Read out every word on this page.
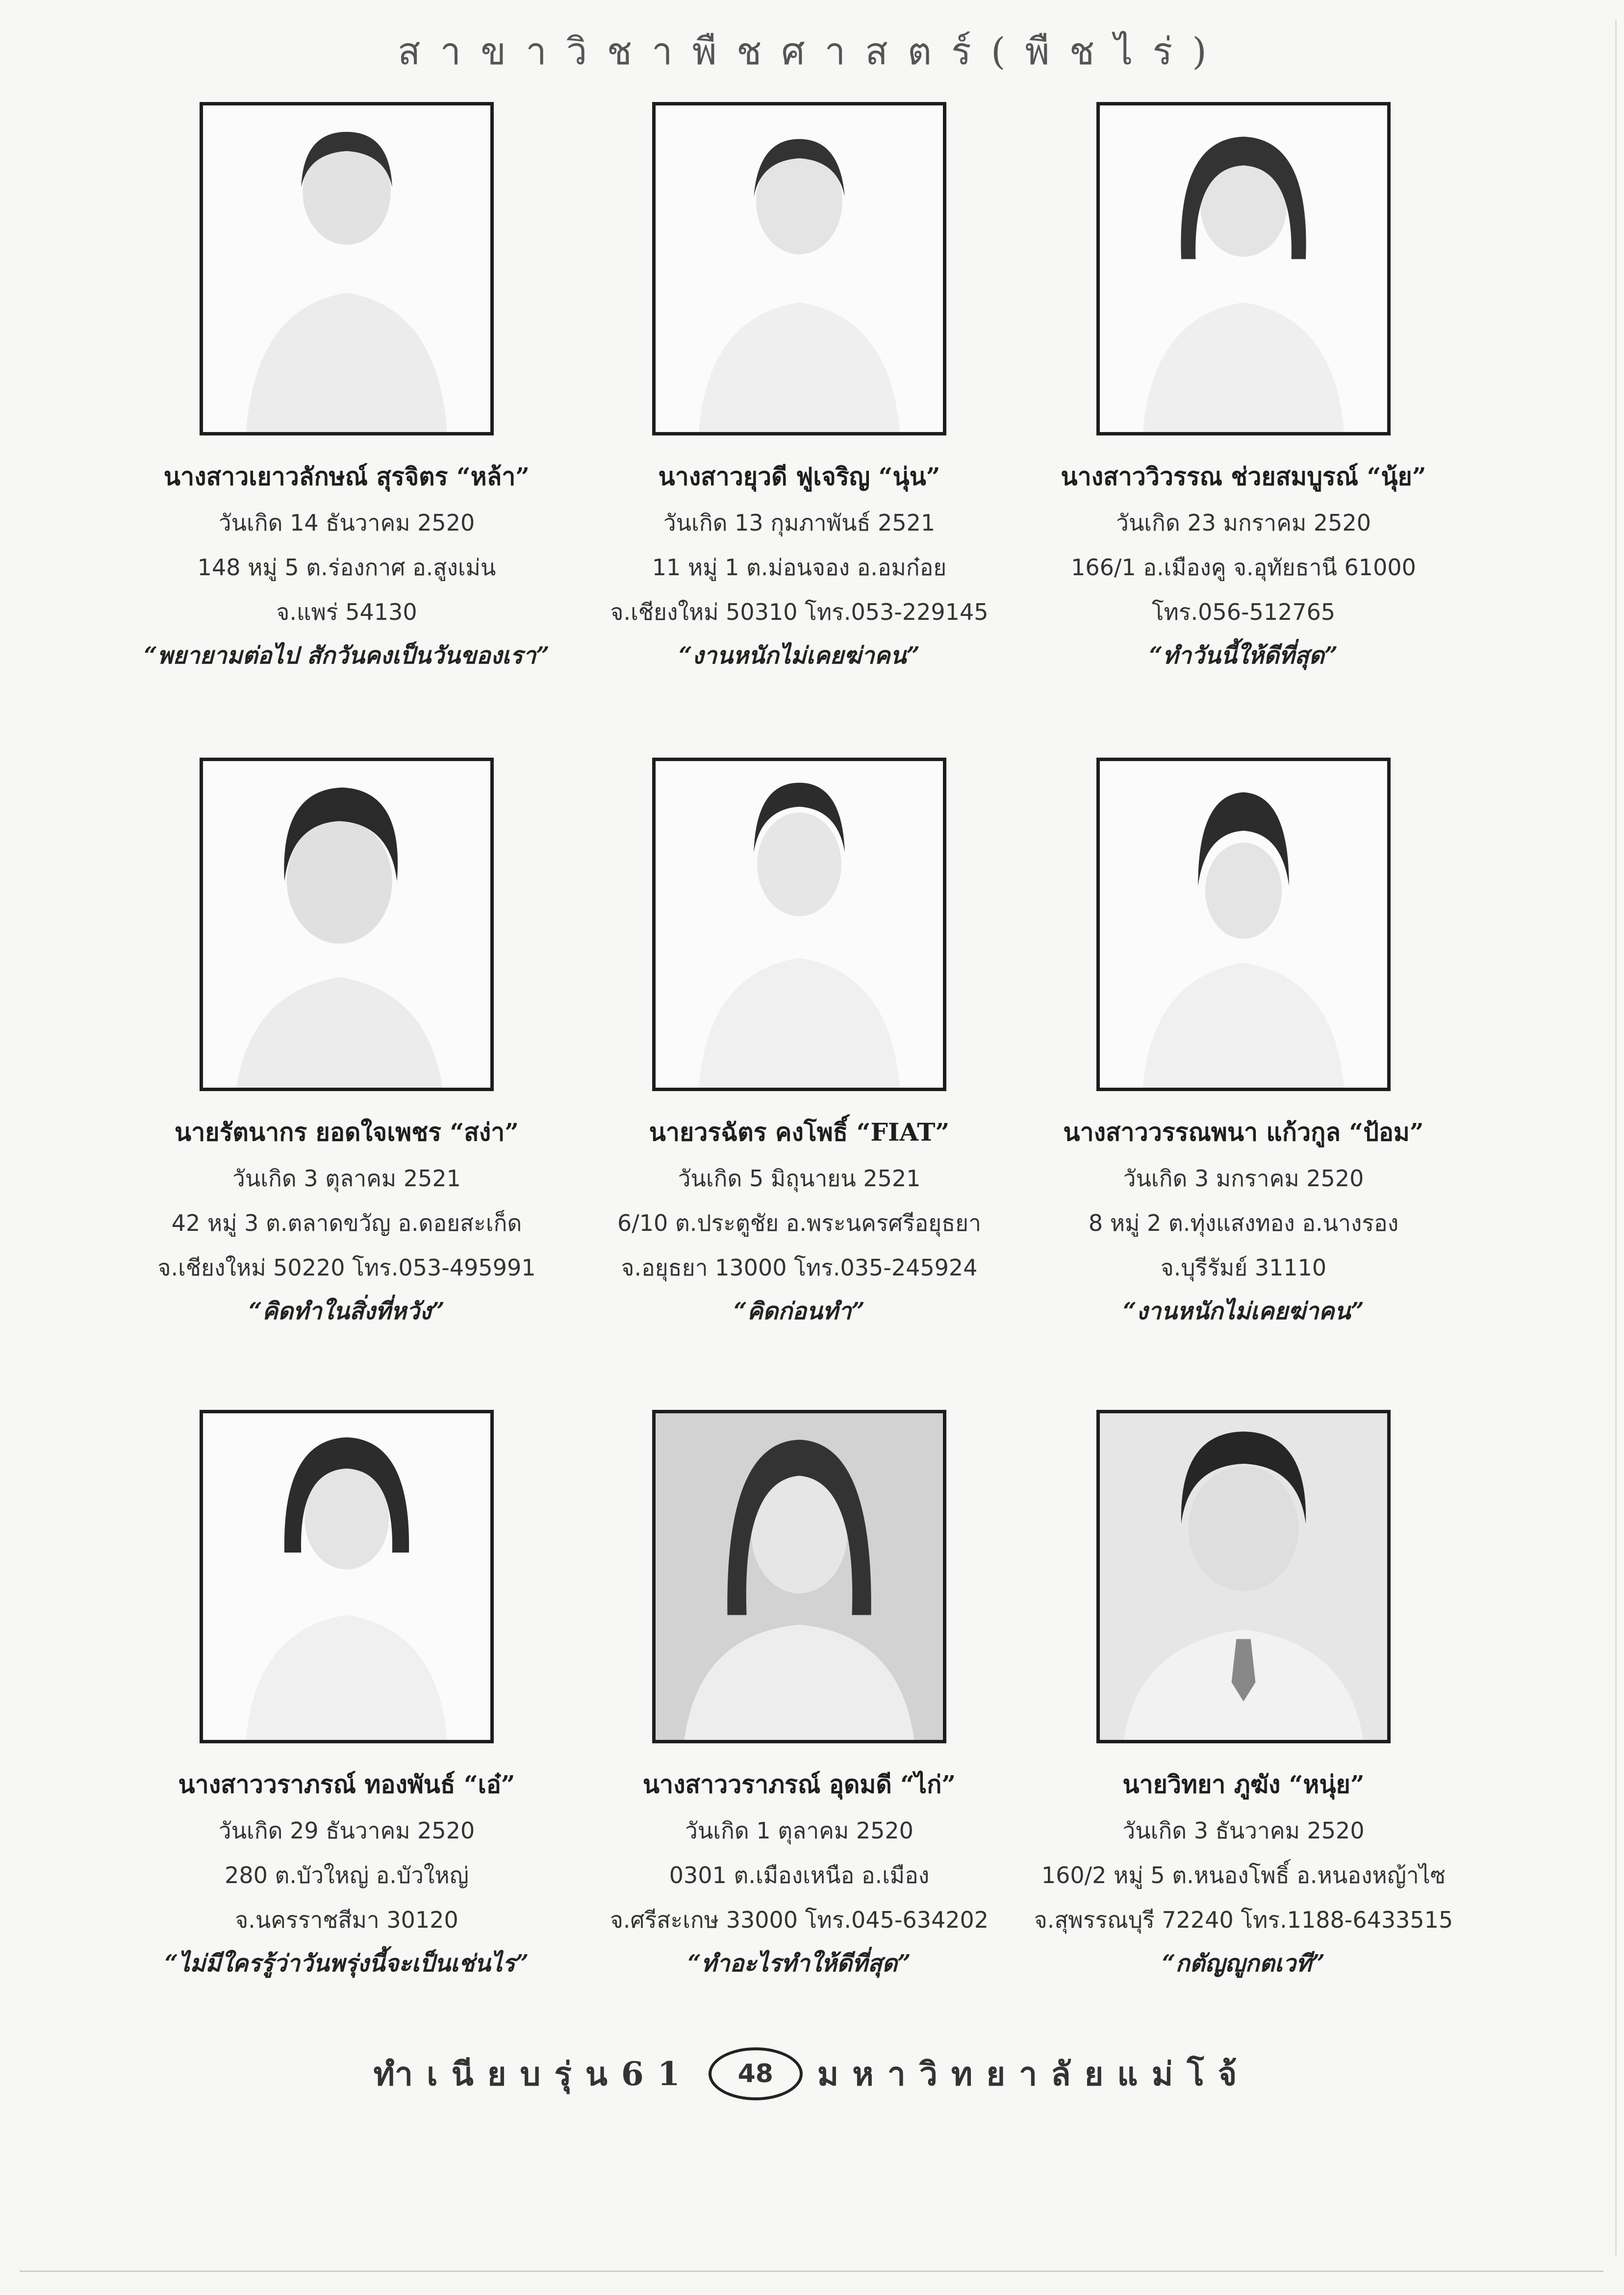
สาขาวิชาพืชศาสตร์(พืชไร่)
นางสาวเยาวลักษณ์ สุรจิตร “หล้า”
วันเกิด 14 ธันวาคม 2520
148 หมู่ 5 ต.ร่องกาศ อ.สูงเม่น
จ.แพร่ 54130
“พยายามต่อไป สักวันคงเป็นวันของเรา”
นางสาวยุวดี ฟูเจริญ “นุ่น”
วันเกิด 13 กุมภาพันธ์ 2521
11 หมู่ 1 ต.ม่อนจอง อ.อมก๋อย
จ.เชียงใหม่ 50310 โทร.053-229145
“งานหนักไม่เคยฆ่าคน”
นางสาววิวรรณ ช่วยสมบูรณ์ “นุ้ย”
วันเกิด 23 มกราคม 2520
166/1 อ.เมืองคู จ.อุทัยธานี 61000
โทร.056-512765
“ทำวันนี้ให้ดีที่สุด”
นายรัตนากร ยอดใจเพชร “สง่า”
วันเกิด 3 ตุลาคม 2521
42 หมู่ 3 ต.ตลาดขวัญ อ.ดอยสะเก็ด
จ.เชียงใหม่ 50220 โทร.053-495991
“คิดทำในสิ่งที่หวัง”
นายวรฉัตร คงโพธิ์ “FIAT”
วันเกิด 5 มิถุนายน 2521
6/10 ต.ประตูชัย อ.พระนครศรีอยุธยา
จ.อยุธยา 13000 โทร.035-245924
“คิดก่อนทำ”
นางสาววรรณพนา แก้วกูล “ป้อม”
วันเกิด 3 มกราคม 2520
8 หมู่ 2 ต.ทุ่งแสงทอง อ.นางรอง
จ.บุรีรัมย์ 31110
“งานหนักไม่เคยฆ่าคน”
นางสาววราภรณ์ ทองพันธ์ “เอ๋”
วันเกิด 29 ธันวาคม 2520
280 ต.บัวใหญ่ อ.บัวใหญ่
จ.นครราชสีมา 30120
“ไม่มีใครรู้ว่าวันพรุ่งนี้จะเป็นเช่นไร”
นางสาววราภรณ์ อุดมดี “ไก่”
วันเกิด 1 ตุลาคม 2520
0301 ต.เมืองเหนือ อ.เมือง
จ.ศรีสะเกษ 33000 โทร.045-634202
“ทำอะไรทำให้ดีที่สุด”
นายวิทยา ภูฆัง “หนุ่ย”
วันเกิด 3 ธันวาคม 2520
160/2 หมู่ 5 ต.หนองโพธิ์ อ.หนองหญ้าไซ
จ.สุพรรณบุรี 72240 โทร.1188-6433515
“กตัญญูกตเวที”
ทำเนียบรุ่น61	48	มหาวิทยาลัยแม่โจ้
